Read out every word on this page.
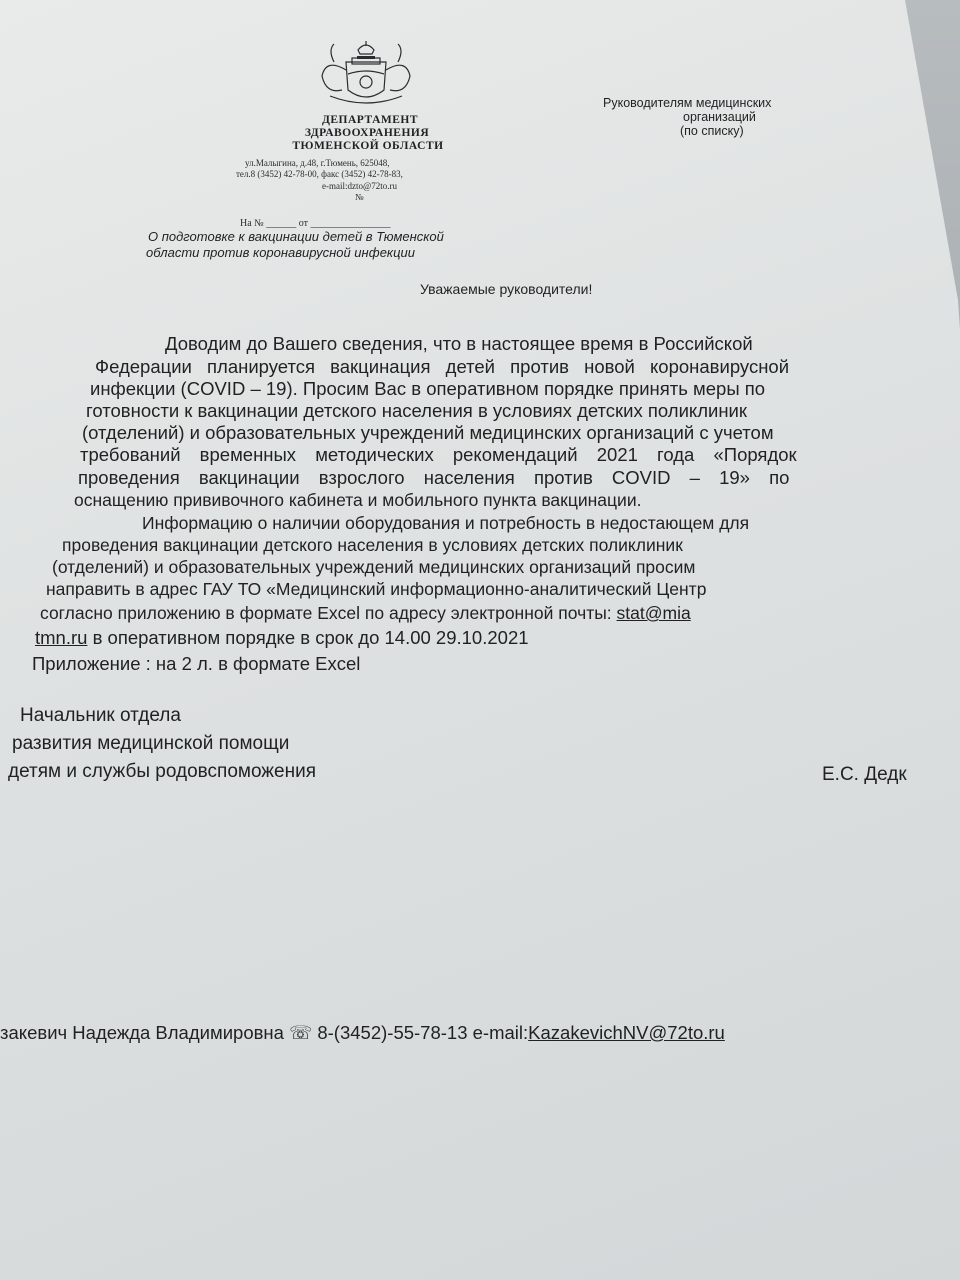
ДЕПАРТАМЕНТ
ЗДРАВООХРАНЕНИЯ
ТЮМЕНСКОЙ ОБЛАСТИ
ул.Малыгина, д.48, г.Тюмень, 625048,
тел.8 (3452) 42-78-00, факс (3452) 42-78-83,
e-mail:dzto@72to.ru
№
На № ______ от ________________
О подготовке к вакцинации детей в Тюменской
области против коронавирусной инфекции
Руководителям медицинских
организаций
(по списку)
Уважаемые руководители!
Доводим до Вашего сведения, что в настоящее время в Российской
Федерации планируется вакцинация детей против новой коронавирусной
инфекции (COVID – 19). Просим Вас в оперативном порядке принять меры по
готовности к вакцинации детского населения в условиях детских поликлиник
(отделений) и образовательных учреждений медицинских организаций с учетом
требований временных методических рекомендаций 2021 года «Порядок
проведения вакцинации взрослого населения против COVID – 19» по
оснащению прививочного кабинета и мобильного пункта вакцинации.
Информацию о наличии оборудования и потребность в недостающем для
проведения вакцинации детского населения в условиях детских поликлиник
(отделений) и образовательных учреждений медицинских организаций просим
направить в адрес ГАУ ТО «Медицинский информационно-аналитический Центр
согласно приложению в формате Excel по адресу электронной почты: stat@mia
tmn.ru в оперативном порядке в срок до 14.00 29.10.2021
Приложение : на 2 л. в формате Excel
Начальник отдела
развития медицинской помощи
детям и службы родовспоможения	Е.С. Дедк
закевич Надежда Владимировна ☏ 8-(3452)-55-78-13 e-mail:KazakevichNV@72to.ru
